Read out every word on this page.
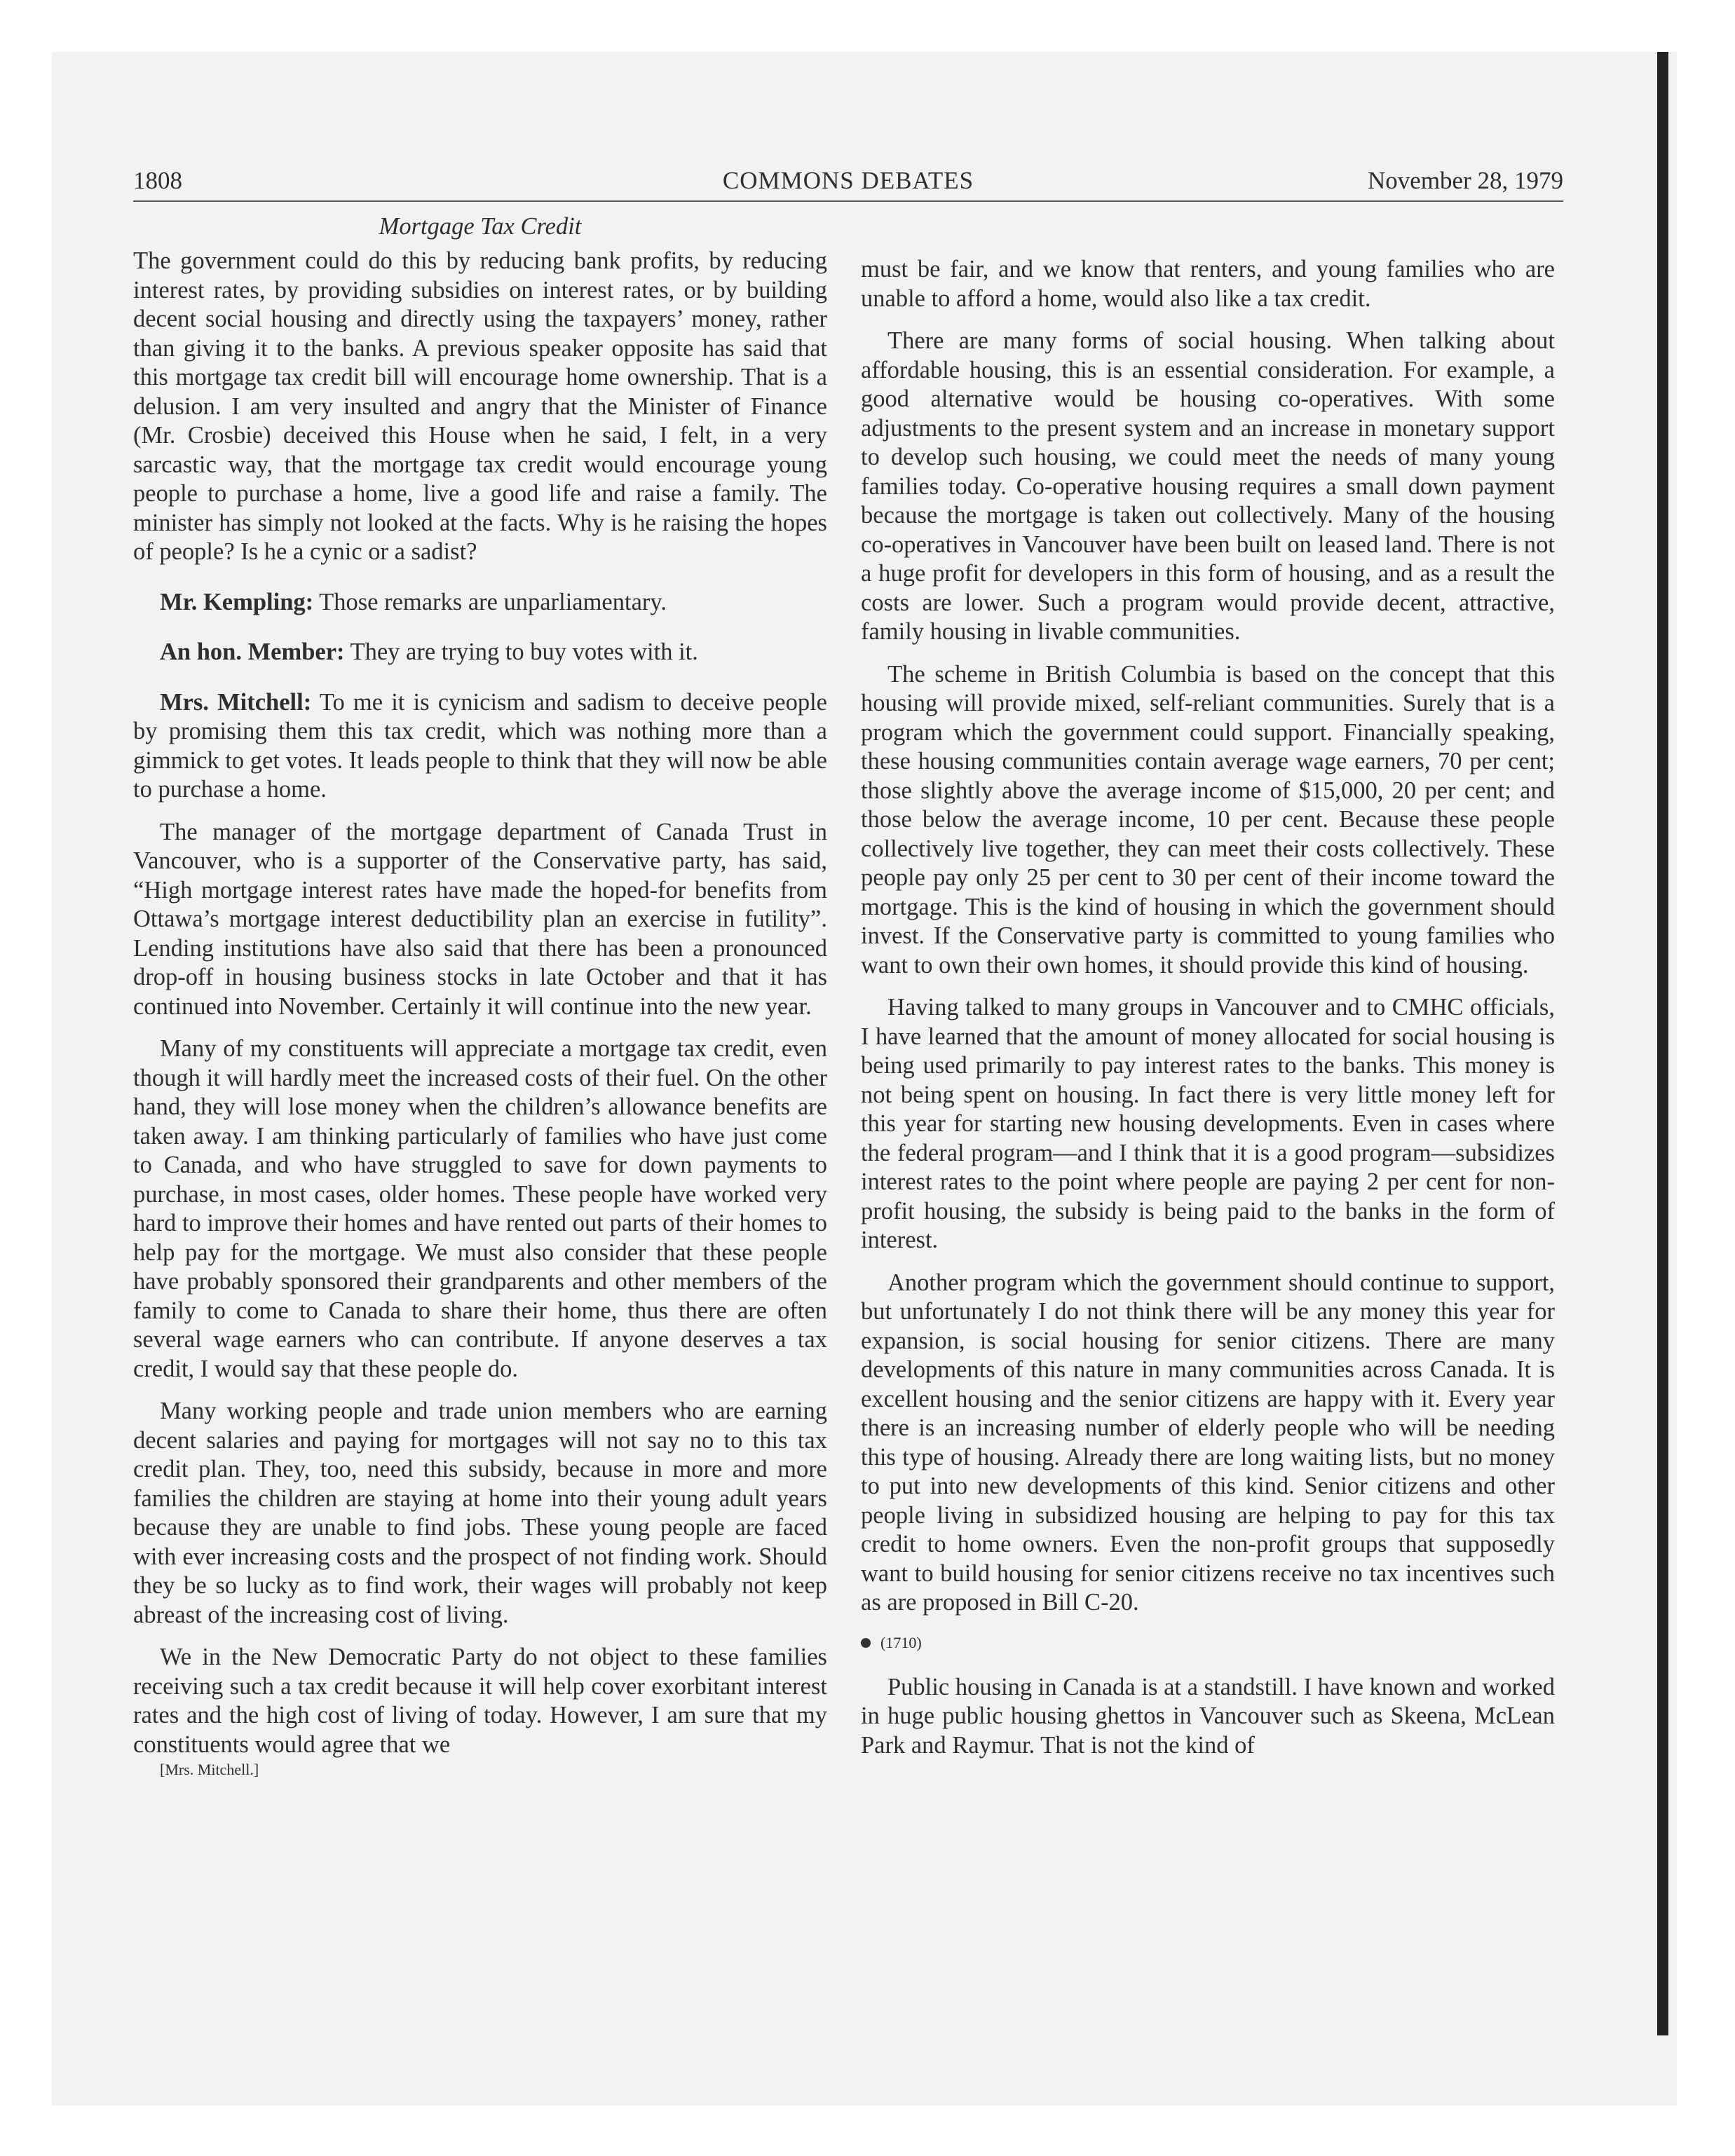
1808	COMMONS DEBATES	November 28, 1979
Mortgage Tax Credit

The government could do this by reducing bank profits, by reducing interest rates, by providing subsidies on interest rates, or by building decent social housing and directly using the taxpayers’ money, rather than giving it to the banks. A previous speaker opposite has said that this mortgage tax credit bill will encourage home ownership. That is a delusion. I am very insulted and angry that the Minister of Finance (Mr. Crosbie) deceived this House when he said, I felt, in a very sarcastic way, that the mortgage tax credit would encourage young people to purchase a home, live a good life and raise a family. The minister has simply not looked at the facts. Why is he raising the hopes of people? Is he a cynic or a sadist?

Mr. Kempling: Those remarks are unparliamentary.

An hon. Member: They are trying to buy votes with it.

Mrs. Mitchell: To me it is cynicism and sadism to deceive people by promising them this tax credit, which was nothing more than a gimmick to get votes. It leads people to think that they will now be able to purchase a home.

The manager of the mortgage department of Canada Trust in Vancouver, who is a supporter of the Conservative party, has said, “High mortgage interest rates have made the hoped-for benefits from Ottawa’s mortgage interest deductibility plan an exercise in futility”. Lending institutions have also said that there has been a pronounced drop-off in housing business stocks in late October and that it has continued into November. Certainly it will continue into the new year.

Many of my constituents will appreciate a mortgage tax credit, even though it will hardly meet the increased costs of their fuel. On the other hand, they will lose money when the children’s allowance benefits are taken away. I am thinking particularly of families who have just come to Canada, and who have struggled to save for down payments to purchase, in most cases, older homes. These people have worked very hard to improve their homes and have rented out parts of their homes to help pay for the mortgage. We must also consider that these people have probably sponsored their grandparents and other members of the family to come to Canada to share their home, thus there are often several wage earners who can contribute. If anyone deserves a tax credit, I would say that these people do.

Many working people and trade union members who are earning decent salaries and paying for mortgages will not say no to this tax credit plan. They, too, need this subsidy, because in more and more families the children are staying at home into their young adult years because they are unable to find jobs. These young people are faced with ever increasing costs and the prospect of not finding work. Should they be so lucky as to find work, their wages will probably not keep abreast of the increasing cost of living.

We in the New Democratic Party do not object to these families receiving such a tax credit because it will help cover exorbitant interest rates and the high cost of living of today. However, I am sure that my constituents would agree that we

[Mrs. Mitchell.]

must be fair, and we know that renters, and young families who are unable to afford a home, would also like a tax credit.

There are many forms of social housing. When talking about affordable housing, this is an essential consideration. For example, a good alternative would be housing co-operatives. With some adjustments to the present system and an increase in monetary support to develop such housing, we could meet the needs of many young families today. Co-operative housing requires a small down payment because the mortgage is taken out collectively. Many of the housing co-operatives in Vancouver have been built on leased land. There is not a huge profit for developers in this form of housing, and as a result the costs are lower. Such a program would provide decent, attractive, family housing in livable communities.

The scheme in British Columbia is based on the concept that this housing will provide mixed, self-reliant communities. Surely that is a program which the government could support. Financially speaking, these housing communities contain average wage earners, 70 per cent; those slightly above the average income of $15,000, 20 per cent; and those below the average income, 10 per cent. Because these people collectively live together, they can meet their costs collectively. These people pay only 25 per cent to 30 per cent of their income toward the mortgage. This is the kind of housing in which the government should invest. If the Conservative party is committed to young families who want to own their own homes, it should provide this kind of housing.

Having talked to many groups in Vancouver and to CMHC officials, I have learned that the amount of money allocated for social housing is being used primarily to pay interest rates to the banks. This money is not being spent on housing. In fact there is very little money left for this year for starting new housing developments. Even in cases where the federal program—and I think that it is a good program—subsidizes interest rates to the point where people are paying 2 per cent for non-profit housing, the subsidy is being paid to the banks in the form of interest.

Another program which the government should continue to support, but unfortunately I do not think there will be any money this year for expansion, is social housing for senior citizens. There are many developments of this nature in many communities across Canada. It is excellent housing and the senior citizens are happy with it. Every year there is an increasing number of elderly people who will be needing this type of housing. Already there are long waiting lists, but no money to put into new developments of this kind. Senior citizens and other people living in subsidized housing are helping to pay for this tax credit to home owners. Even the non-profit groups that supposedly want to build housing for senior citizens receive no tax incentives such as are proposed in Bill C-20.

(1710)

Public housing in Canada is at a standstill. I have known and worked in huge public housing ghettos in Vancouver such as Skeena, McLean Park and Raymur. That is not the kind of
